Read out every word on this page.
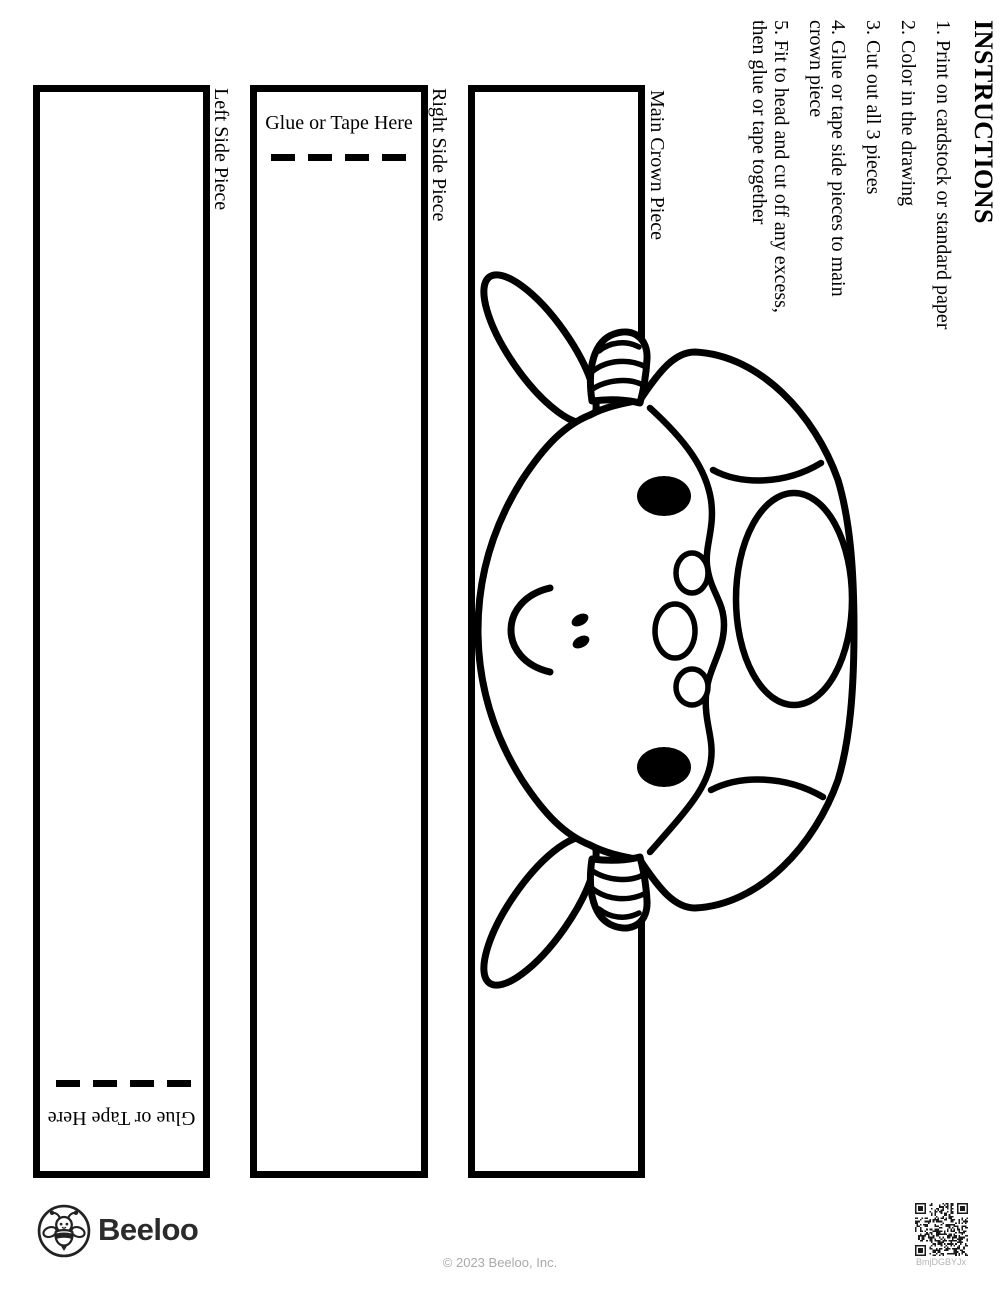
INSTRUCTIONS
1. Print on cardstock or standard paper
2. Color in the drawing
3. Cut out all 3 pieces
4. Glue or tape side pieces to main
crown piece
5. Fit to head and cut off any excess,
then glue or tape together
Left Side Piece	Right Side Piece	Main Crown Piece
Glue or Tape Here
Glue or Tape Here
Beeloo
© 2023 Beeloo, Inc.	BmjDGBYJx
